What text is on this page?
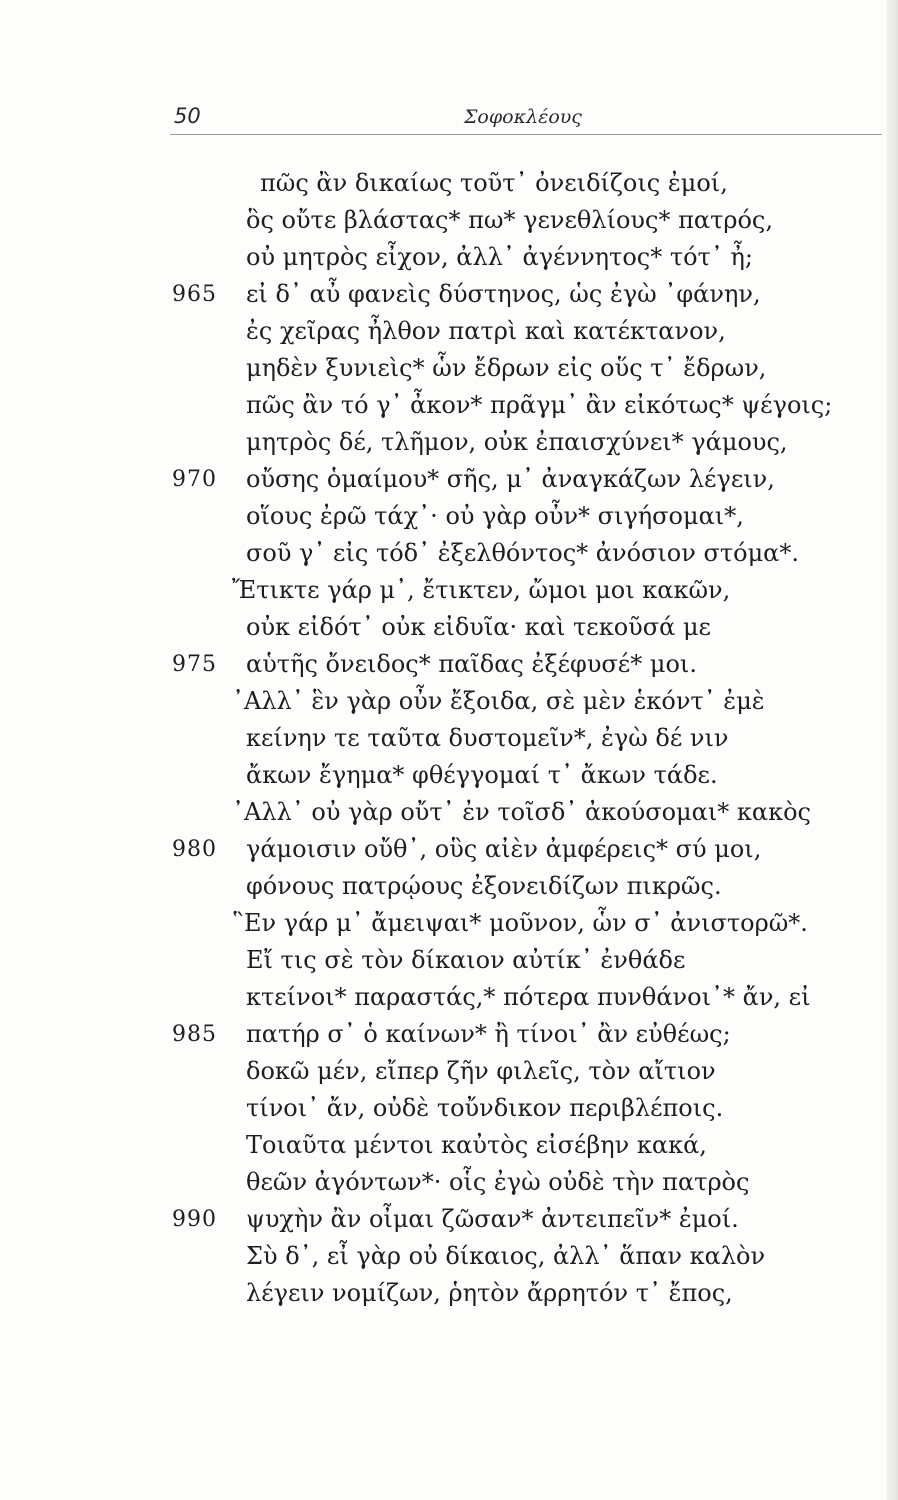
50	Σοφοκλέους
πῶς ἂν δικαίως τοῦτ᾿ ὀνειδίζοις ἐμοί,
ὃς οὔτε βλάστας* πω* γενεθλίους* πατρός,
οὐ μητρὸς εἶχον, ἀλλ᾿ ἀγέννητος* τότ᾿ ἦ;
965 εἰ δ᾿ αὖ φανεὶς δύστηνος, ὡς ἐγὼ ᾿φάνην,
ἐς χεῖρας ἦλθον πατρὶ καὶ κατέκτανον,
μηδὲν ξυνιεὶς* ὧν ἔδρων εἰς οὕς τ᾿ ἔδρων,
πῶς ἂν τό γ᾿ ἆκον* πρᾶγμ᾿ ἂν εἰκότως* ψέγοις;
μητρὸς δέ, τλῆμον, οὐκ ἐπαισχύνει* γάμους,
970 οὔσης ὁμαίμου* σῆς, μ᾿ ἀναγκάζων λέγειν,
οἵους ἐρῶ τάχ᾿· οὐ γὰρ οὖν* σιγήσομαι*,
σοῦ γ᾿ εἰς τόδ᾿ ἐξελθόντος* ἀνόσιον στόμα*.
Ἔτικτε γάρ μ᾿, ἔτικτεν, ὤμοι μοι κακῶν,
οὐκ εἰδότ᾿ οὐκ εἰδυῖα· καὶ τεκοῦσά με
975 αὑτῆς ὄνειδος* παῖδας ἐξέφυσέ* μοι.
᾿Αλλ᾿ ἓν γὰρ οὖν ἔξοιδα, σὲ μὲν ἑκόντ᾿ ἐμὲ
κείνην τε ταῦτα δυστομεῖν*, ἐγὼ δέ νιν
ἄκων ἔγημα* φθέγγομαί τ᾿ ἄκων τάδε.
᾿Αλλ᾿ οὐ γὰρ οὔτ᾿ ἐν τοῖσδ᾿ ἀκούσομαι* κακὸς
980 γάμοισιν οὔθ᾿, οὓς αἰὲν ἀμφέρεις* σύ μοι,
φόνους πατρῴους ἐξονειδίζων πικρῶς.
῝Εν γάρ μ᾿ ἄμειψαι* μοῦνον, ὧν σ᾿ ἀνιστορῶ*.
Εἴ τις σὲ τὸν δίκαιον αὐτίκ᾿ ἐνθάδε
κτείνοι* παραστάς,* πότερα πυνθάνοι᾿* ἄν, εἰ
985 πατήρ σ᾿ ὁ καίνων* ἢ τίνοι᾿ ἂν εὐθέως;
δοκῶ μέν, εἴπερ ζῆν φιλεῖς, τὸν αἴτιον
τίνοι᾿ ἄν, οὐδὲ τοὔνδικον περιβλέποις.
Τοιαῦτα μέντοι καὐτὸς εἰσέβην κακά,
θεῶν ἀγόντων*· οἷς ἐγὼ οὐδὲ τὴν πατρὸς
990 ψυχὴν ἂν οἶμαι ζῶσαν* ἀντειπεῖν* ἐμοί.
Σὺ δ᾿, εἶ γὰρ οὐ δίκαιος, ἀλλ᾿ ἅπαν καλὸν
λέγειν νομίζων, ῥητὸν ἄρρητόν τ᾿ ἔπος,
